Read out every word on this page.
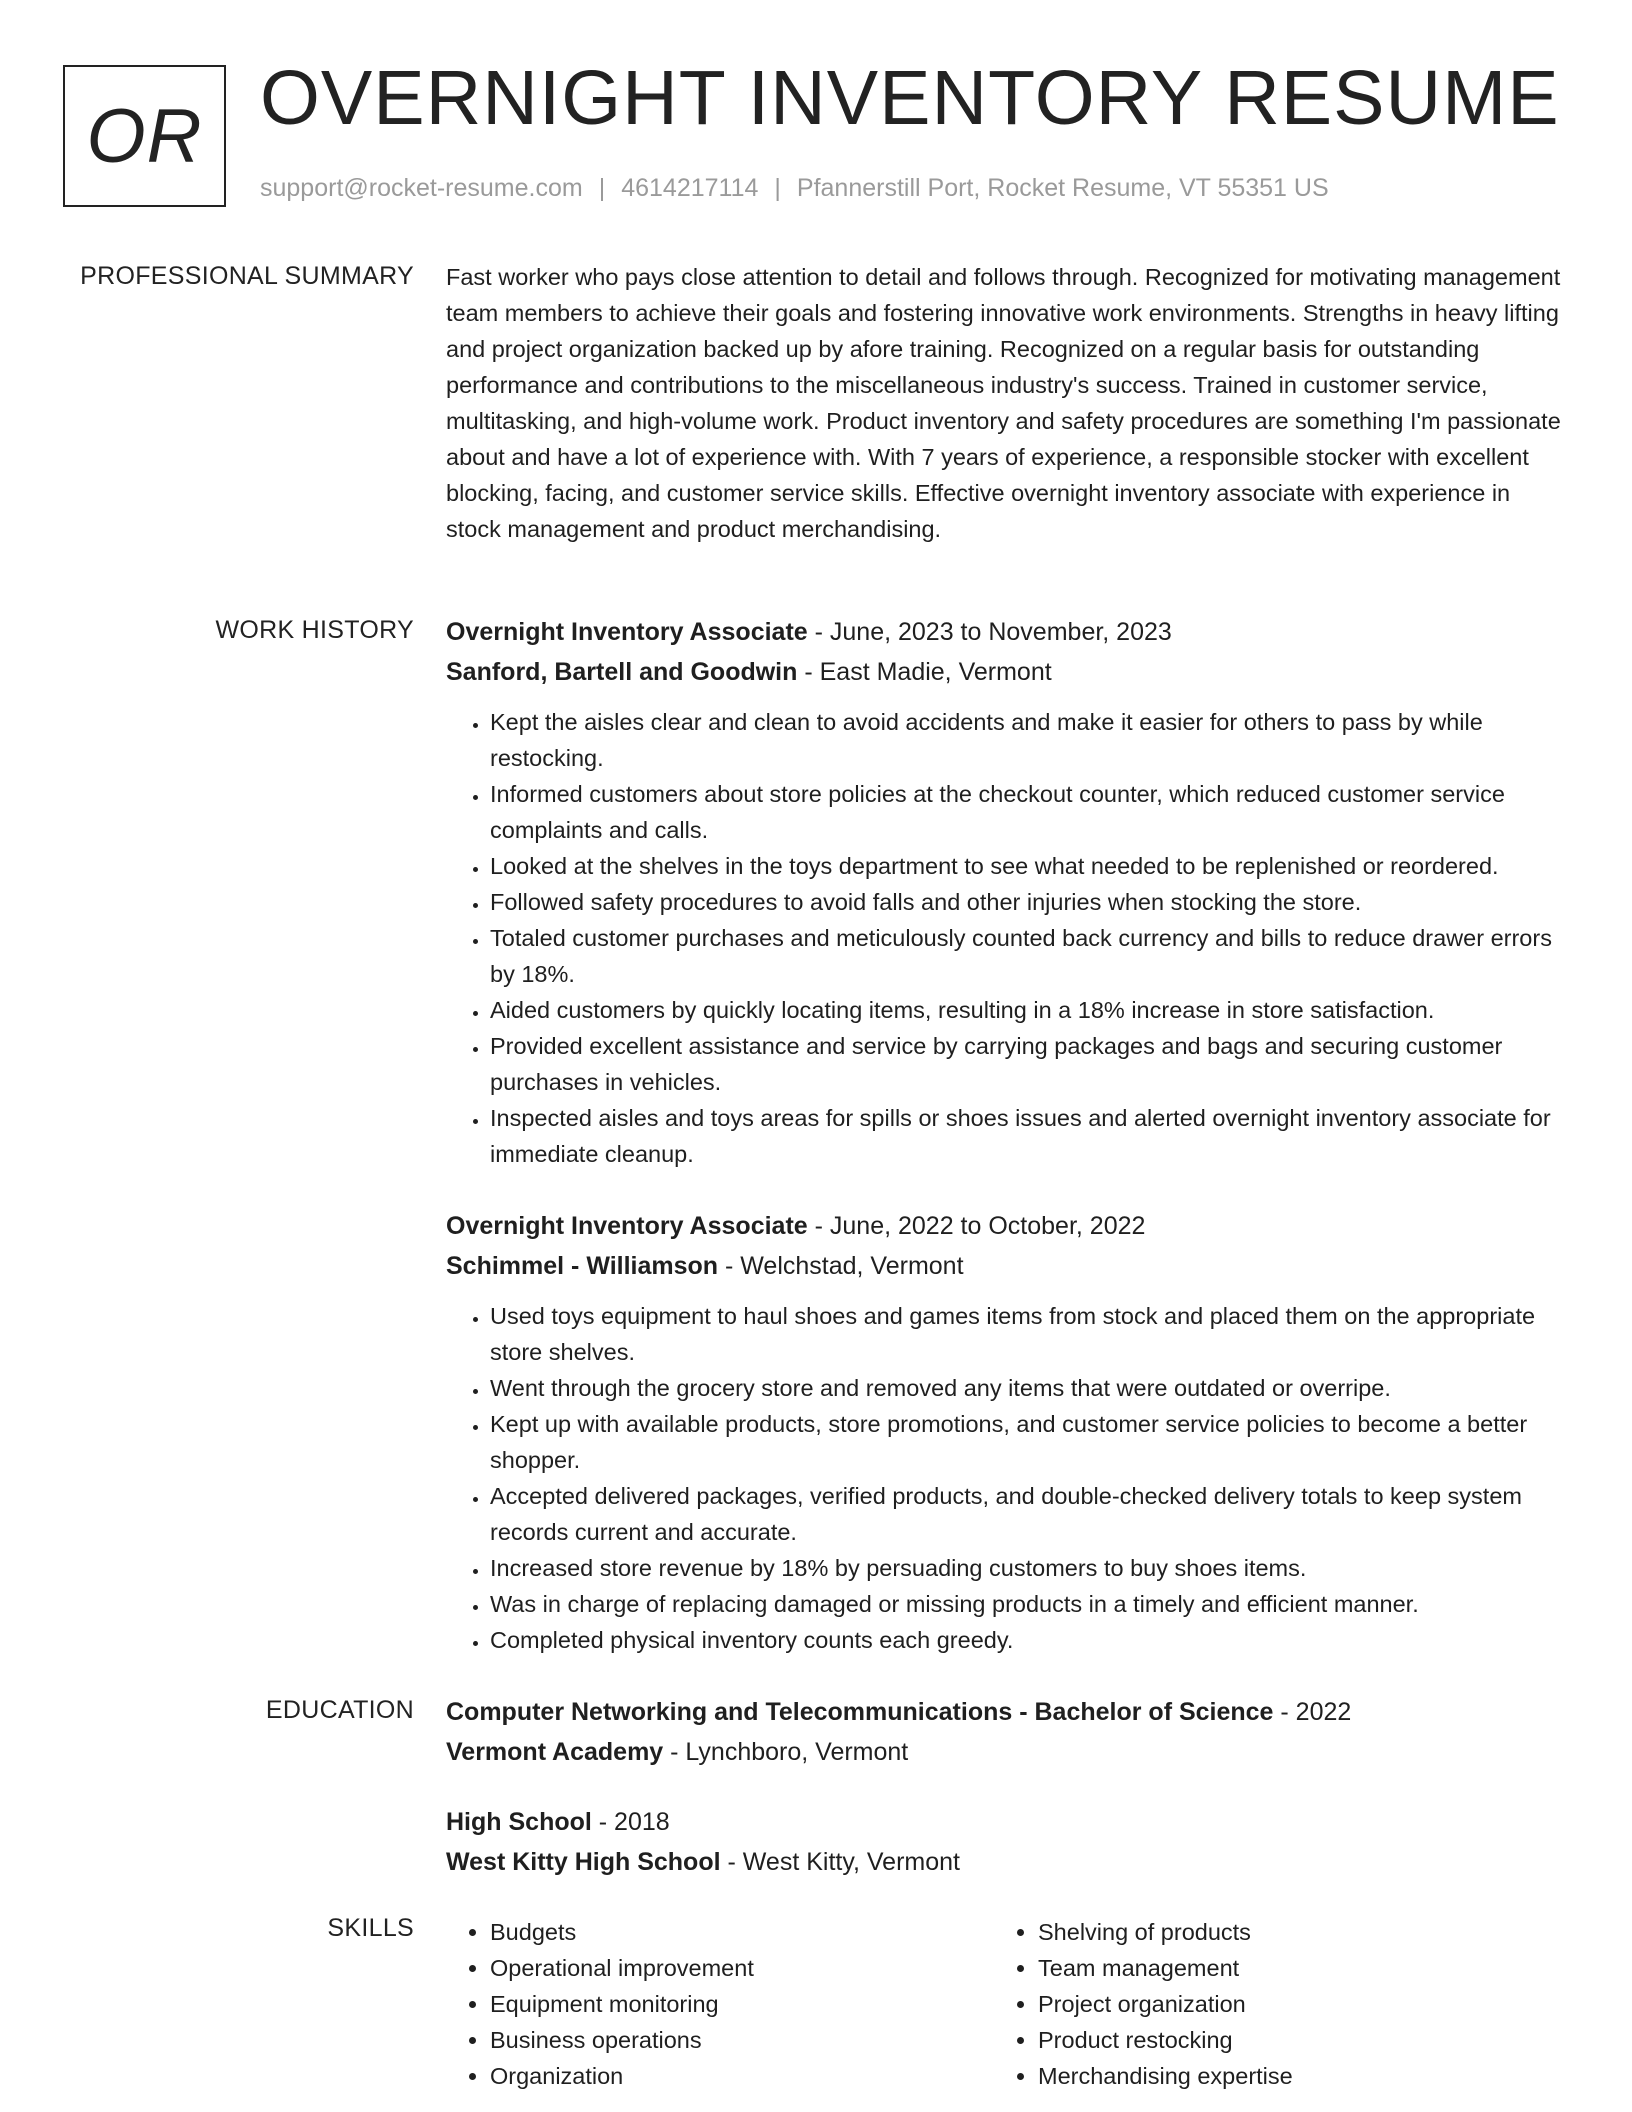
OR OVERNIGHT INVENTORY RESUME
support@rocket-resume.com | 4614217114 | Pfannerstill Port, Rocket Resume, VT 55351 US
PROFESSIONAL SUMMARY Fast worker who pays close attention to detail and follows through. Recognized for motivating management team members to achieve their goals and fostering innovative work environments. Strengths in heavy lifting and project organization backed up by afore training. Recognized on a regular basis for outstanding performance and contributions to the miscellaneous industry's success. Trained in customer service, multitasking, and high-volume work. Product inventory and safety procedures are something I'm passionate about and have a lot of experience with. With 7 years of experience, a responsible stocker with excellent blocking, facing, and customer service skills. Effective overnight inventory associate with experience in stock management and product merchandising.

WORK HISTORY Overnight Inventory Associate - June, 2023 to November, 2023
Sanford, Bartell and Goodwin - East Madie, Vermont
• Kept the aisles clear and clean to avoid accidents and make it easier for others to pass by while restocking.
• Informed customers about store policies at the checkout counter, which reduced customer service complaints and calls.
• Looked at the shelves in the toys department to see what needed to be replenished or reordered.
• Followed safety procedures to avoid falls and other injuries when stocking the store.
• Totaled customer purchases and meticulously counted back currency and bills to reduce drawer errors by 18%.
• Aided customers by quickly locating items, resulting in a 18% increase in store satisfaction.
• Provided excellent assistance and service by carrying packages and bags and securing customer purchases in vehicles.
• Inspected aisles and toys areas for spills or shoes issues and alerted overnight inventory associate for immediate cleanup.
Overnight Inventory Associate - June, 2022 to October, 2022
Schimmel - Williamson - Welchstad, Vermont
• Used toys equipment to haul shoes and games items from stock and placed them on the appropriate store shelves.
• Went through the grocery store and removed any items that were outdated or overripe.
• Kept up with available products, store promotions, and customer service policies to become a better shopper.
• Accepted delivered packages, verified products, and double-checked delivery totals to keep system records current and accurate.
• Increased store revenue by 18% by persuading customers to buy shoes items.
• Was in charge of replacing damaged or missing products in a timely and efficient manner.
• Completed physical inventory counts each greedy.
EDUCATION Computer Networking and Telecommunications - Bachelor of Science - 2022
Vermont Academy - Lynchboro, Vermont
High School - 2018
West Kitty High School - West Kitty, Vermont
SKILLS
•	Budgets
• Operational improvement
• Equipment monitoring
• Business operations
• Organization
• Shelving of products
• Team management
• Project organization
• Product restocking
• Merchandising expertise
